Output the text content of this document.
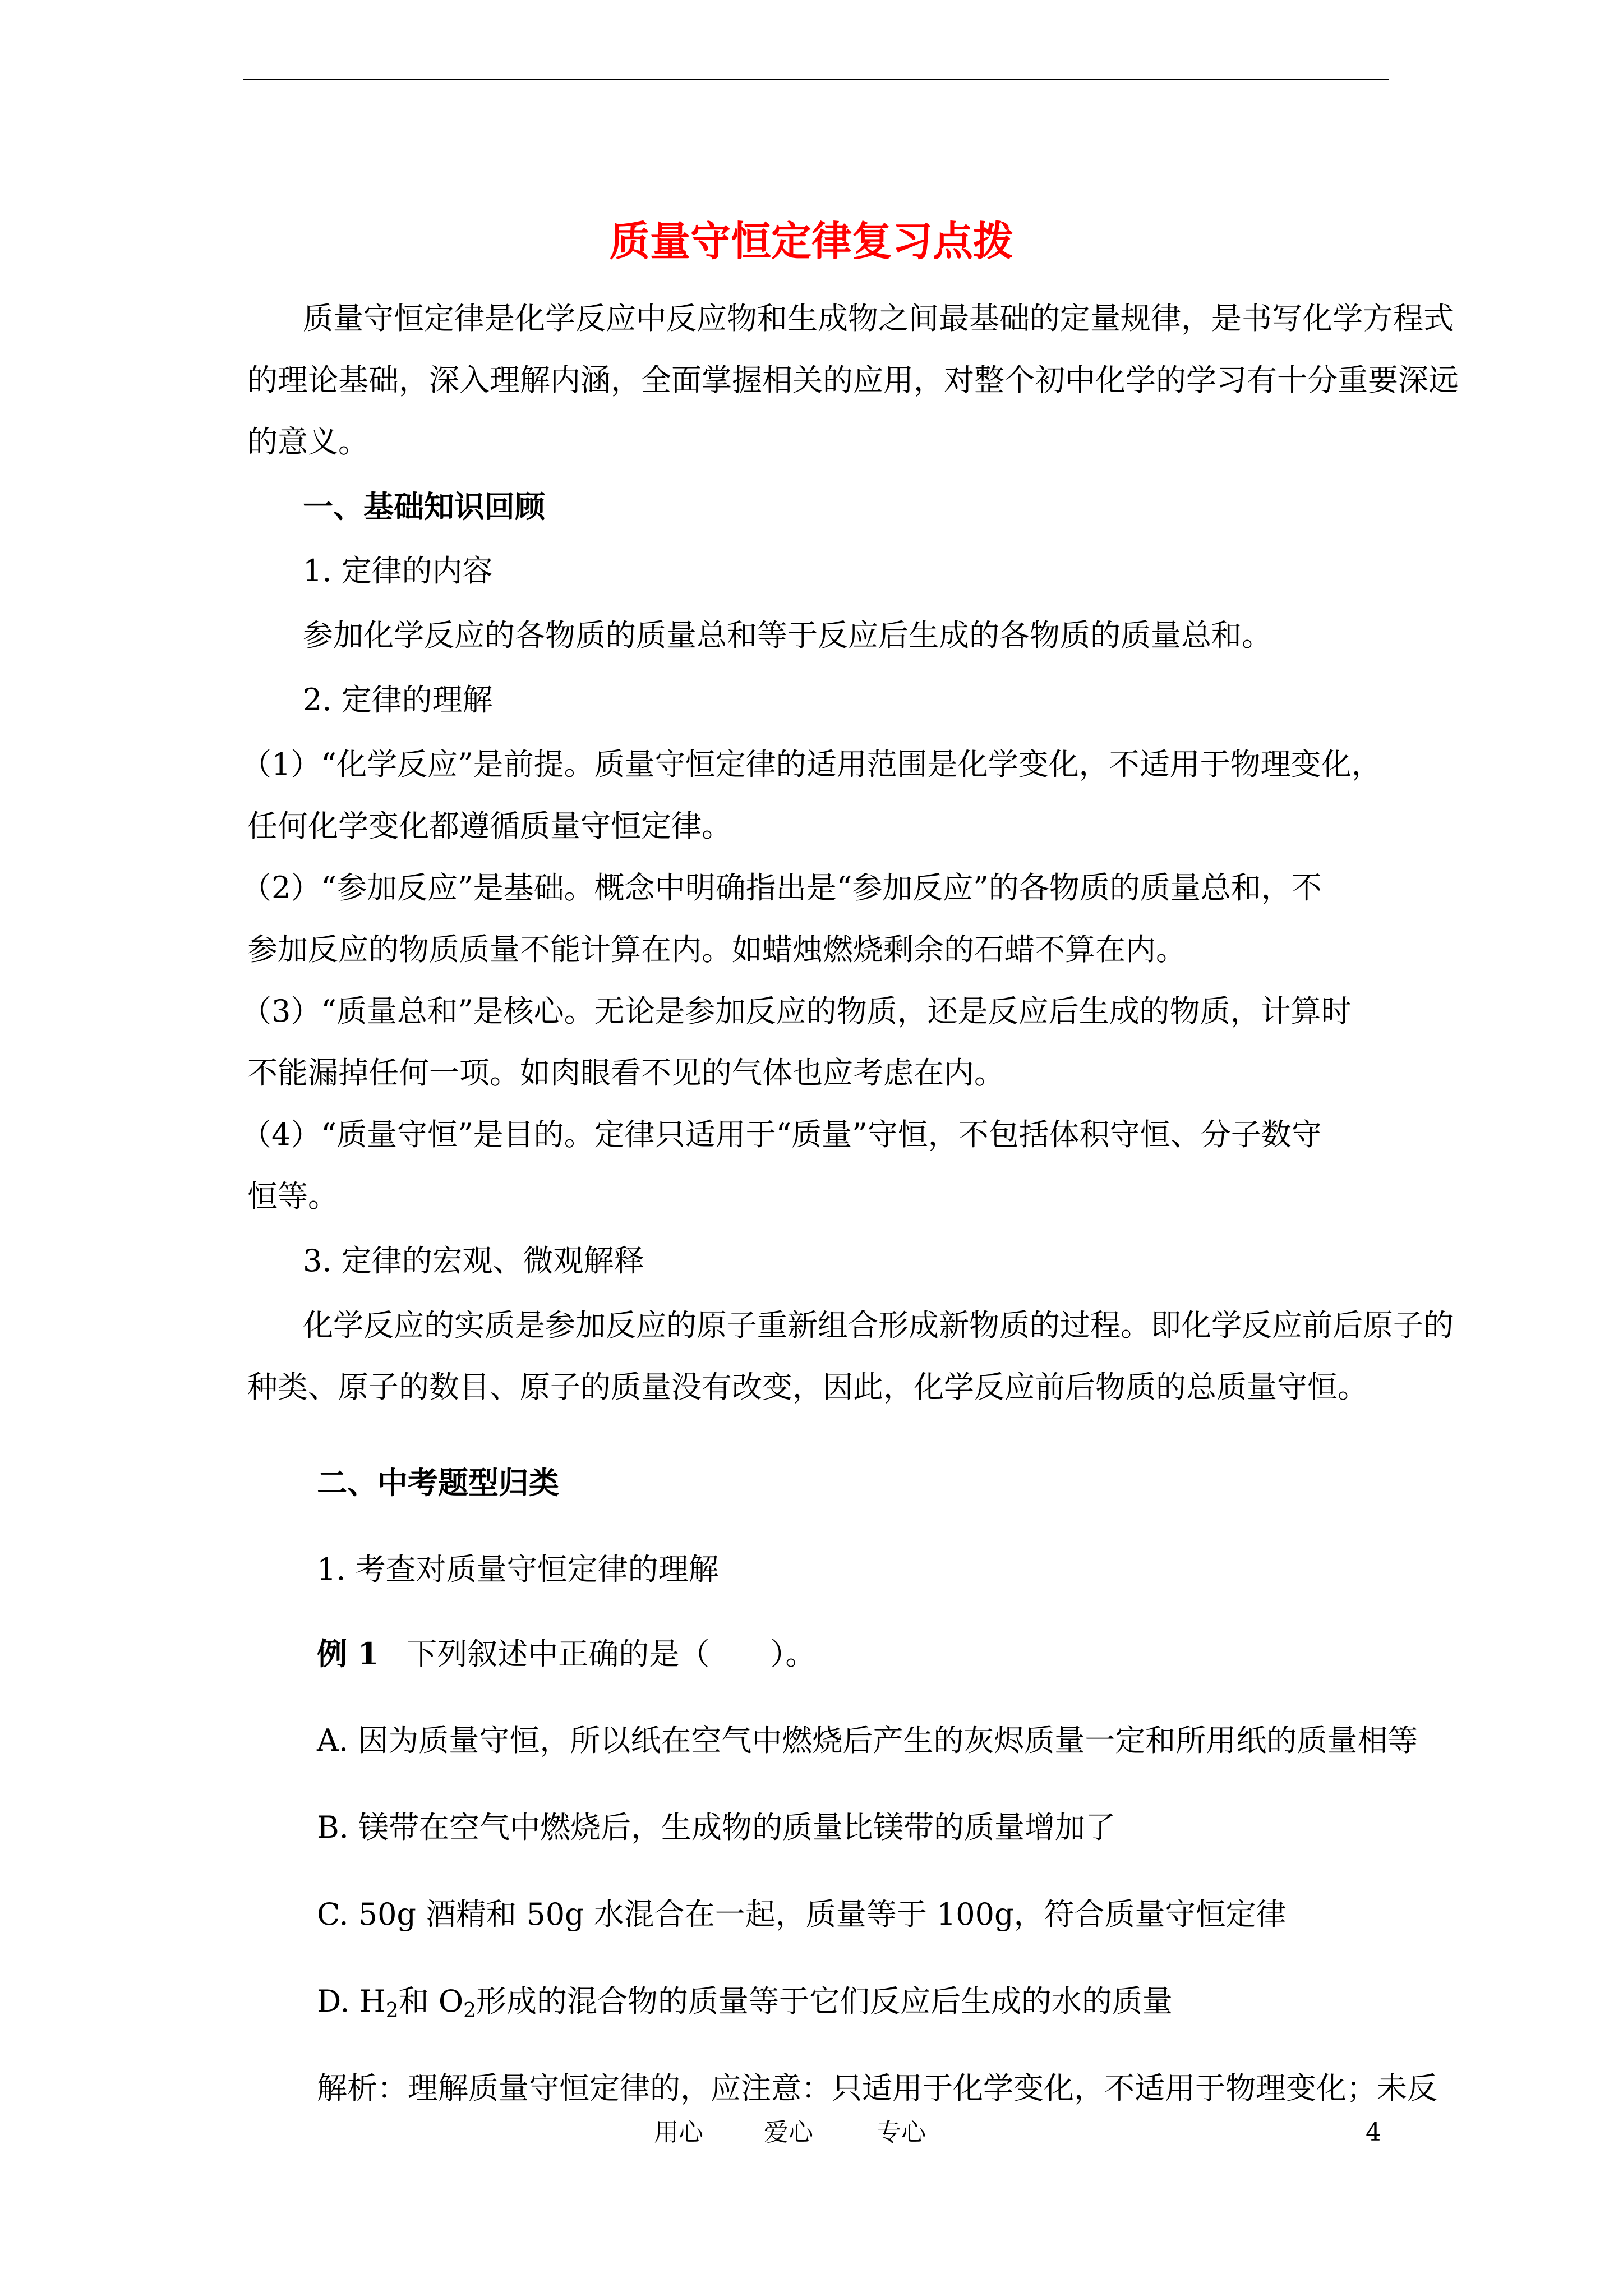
质量守恒定律复习点拨

质量守恒定律是化学反应中反应物和生成物之间最基础的定量规律，是书写化学方程式

的理论基础，深入理解内涵，全面掌握相关的应用，对整个初中化学的学习有十分重要深远

的意义。

一、基础知识回顾

1. 定律的内容

参加化学反应的各物质的质量总和等于反应后生成的各物质的质量总和。

2. 定律的理解

（1）“化学反应”是前提。质量守恒定律的适用范围是化学变化，不适用于物理变化，

任何化学变化都遵循质量守恒定律。

（2）“参加反应”是基础。概念中明确指出是“参加反应”的各物质的质量总和，不

参加反应的物质质量不能计算在内。如蜡烛燃烧剩余的石蜡不算在内。

（3）“质量总和”是核心。无论是参加反应的物质，还是反应后生成的物质，计算时

不能漏掉任何一项。如肉眼看不见的气体也应考虑在内。

（4）“质量守恒”是目的。定律只适用于“质量”守恒，不包括体积守恒、分子数守

恒等。

3. 定律的宏观、微观解释

化学反应的实质是参加反应的原子重新组合形成新物质的过程。即化学反应前后原子的

种类、原子的数目、原子的质量没有改变，因此，化学反应前后物质的总质量守恒。

二、中考题型归类

1. 考查对质量守恒定律的理解

例 1 下列叙述中正确的是（　　）。

A. 因为质量守恒，所以纸在空气中燃烧后产生的灰烬质量一定和所用纸的质量相等

B. 镁带在空气中燃烧后，生成物的质量比镁带的质量增加了

C. 50g 酒精和 50g 水混合在一起，质量等于 100g，符合质量守恒定律

D. $H_2$和 $O_2$形成的混合物的质量等于它们反应后生成的水的质量

解析：理解质量守恒定律的，应注意：只适用于化学变化，不适用于物理变化；未反

用心 爱心	专心	4
